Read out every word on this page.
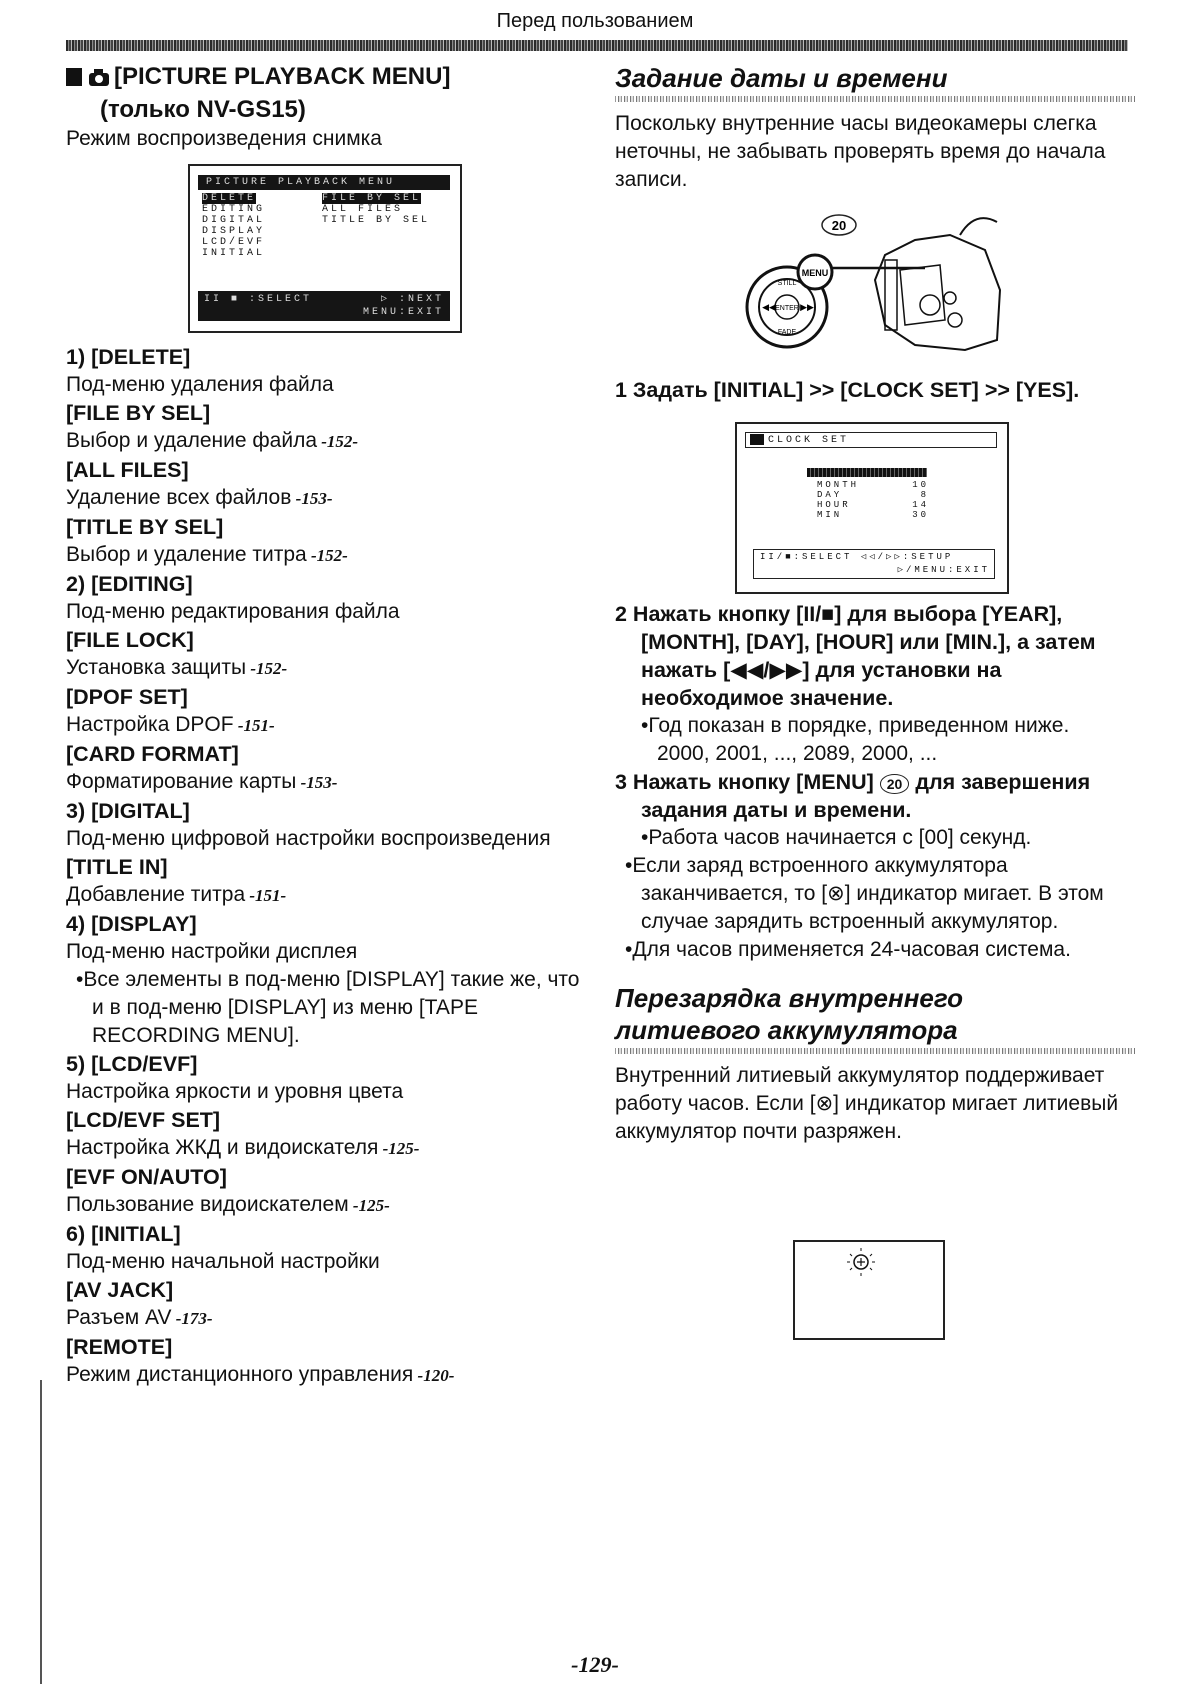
Перед пользованием
[PICTURE PLAYBACK MENU]
(только NV-GS15)
Режим воспроизведения снимка
PICTURE PLAYBACK MENU
DELETE
EDITING
DIGITAL
DISPLAY
LCD/EVF
INITIAL
FILE BY SEL
ALL FILES
TITLE BY SEL
II ■ :SELECT	▷ :NEXT
MENU:EXIT
1) [DELETE]
Под-меню удаления файла
[FILE BY SEL]
Выбор и удаление файла -152-
[ALL FILES]
Удаление всех файлов -153-
[TITLE BY SEL]
Выбор и удаление титра -152-
2) [EDITING]
Под-меню редактирования файла
[FILE LOCK]
Установка защиты -152-
[DPOF SET]
Настройка DPOF -151-
[CARD FORMAT]
Форматирование карты -153-
3) [DIGITAL]
Под-меню цифровой настройки воспроизведения
[TITLE IN]
Добавление титра -151-
4) [DISPLAY]
Под-меню настройки дисплея
•Все элементы в под-меню [DISPLAY] такие же, что и в под-меню [DISPLAY] из меню [TAPE RECORDING MENU].
5) [LCD/EVF]
Настройка яркости и уровня цвета
[LCD/EVF SET]
Настройка ЖКД и видоискателя -125-
[EVF ON/AUTO]
Пользование видоискателем -125-
6) [INITIAL]
Под-меню начальной настройки
[AV JACK]
Разъем AV -173-
[REMOTE]
Режим дистанционного управления -120-
Задание даты и времени
Поскольку внутренние часы видеокамеры слегка неточны, не забывать проверять время до начала записи.
20
STILL
ENTER
FADE
◀◀	▶▶
MENU
1 Задать [INITIAL] >> [CLOCK SET] >> [YES].
CLOCK SET
MONTH	10
DAY	8
HOUR	14
MIN	30
II/■:SELECT ◁◁/▷▷:SETUP
▷/MENU:EXIT
2 Нажать кнопку [II/■] для выбора [YEAR], [MONTH], [DAY], [HOUR] или [MIN.], а затем нажать [◀◀/▶▶] для установки на необходимое значение.
•Год показан в порядке, приведенном ниже.
2000, 2001, ..., 2089, 2000, ...
3 Нажать кнопку [MENU] 20 для завершения задания даты и времени.
•Работа часов начинается с [00] секунд.
•Если заряд встроенного аккумулятора заканчивается, то [⊗] индикатор мигает. В этом случае зарядить встроенный аккумулятор.
•Для часов применяется 24-часовая система.
Перезарядка внутреннего
литиевого аккумулятора
Внутренний литиевый аккумулятор поддерживает работу часов. Если [⊗] индикатор мигает литиевый аккумулятор почти разряжен.
-129-
